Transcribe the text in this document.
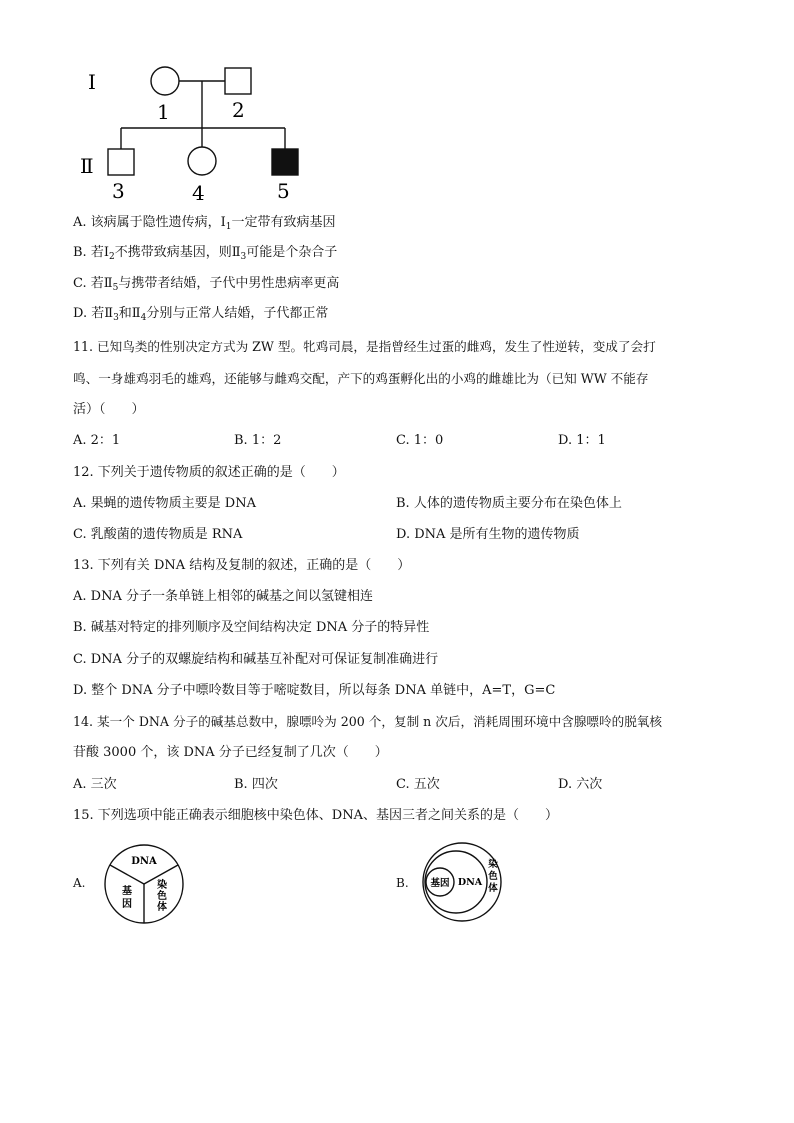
I
Ⅱ
1	2
3	4	5
A. 该病属于隐性遗传病，$Ⅰ_1$一定带有致病基因
B. 若$Ⅰ_2$不携带致病基因，则$Ⅱ_3$可能是个杂合子
C. 若$Ⅱ_5$与携带者结婚，子代中男性患病率更高
D. 若$Ⅱ_3$和$Ⅱ_4$分别与正常人结婚，子代都正常
11. 已知鸟类的性别决定方式为 ZW 型。牝鸡司晨，是指曾经生过蛋的雌鸡，发生了性逆转，变成了会打
鸣、一身雄鸡羽毛的雄鸡，还能够与雌鸡交配，产下的鸡蛋孵化出的小鸡的雌雄比为（已知 WW 不能存
活）（　　）
A. 2：1	B. 1：2	C. 1：0	D. 1：1
12. 下列关于遗传物质的叙述正确的是（　　）
A. 果蝇的遗传物质主要是 DNA	B. 人体的遗传物质主要分布在染色体上
C. 乳酸菌的遗传物质是 RNA	D. DNA 是所有生物的遗传物质
13. 下列有关 DNA 结构及复制的叙述，正确的是（　　）
A. DNA 分子一条单链上相邻的碱基之间以氢键相连
B. 碱基对特定的排列顺序及空间结构决定 DNA 分子的特异性
C. DNA 分子的双螺旋结构和碱基互补配对可保证复制准确进行
D. 整个 DNA 分子中嘌呤数目等于嘧啶数目，所以每条 DNA 单链中，A=T，G=C
14. 某一个 DNA 分子的碱基总数中，腺嘌呤为 200 个，复制 n 次后，消耗周围环境中含腺嘌呤的脱氧核
苷酸 3000 个，该 DNA 分子已经复制了几次（　　）
A. 三次	B. 四次	C. 五次	D. 六次
15. 下列选项中能正确表示细胞核中染色体、DNA、基因三者之间关系的是（　　）
A.
DNA
基
因
染
色
体
B. 基因 DNA
染
色
体
